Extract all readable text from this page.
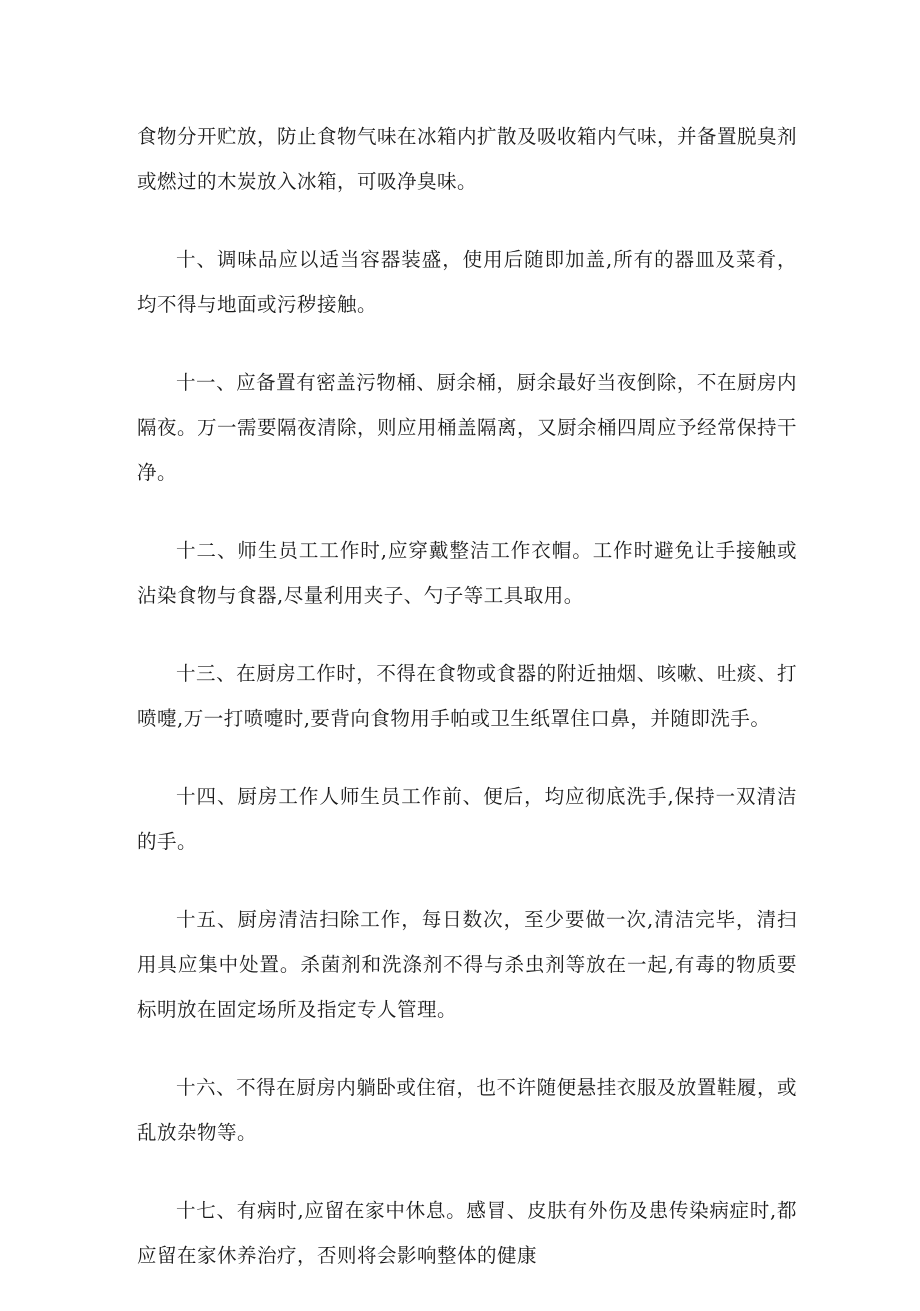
食物分开贮放，防止食物气味在冰箱内扩散及吸收箱内气味，并备置脱臭剂或燃过的木炭放入冰箱，可吸净臭味。

十、调味品应以适当容器装盛，使用后随即加盖,所有的器皿及菜肴，均不得与地面或污秽接触。

十一、应备置有密盖污物桶、厨余桶，厨余最好当夜倒除，不在厨房内隔夜。万一需要隔夜清除，则应用桶盖隔离，又厨余桶四周应予经常保持干净。

十二、师生员工工作时,应穿戴整洁工作衣帽。工作时避免让手接触或沾染食物与食器,尽量利用夹子、勺子等工具取用。

十三、在厨房工作时，不得在食物或食器的附近抽烟、咳嗽、吐痰、打喷嚏,万一打喷嚏时,要背向食物用手帕或卫生纸罩住口鼻，并随即洗手。

十四、厨房工作人师生员工作前、便后，均应彻底洗手,保持一双清洁的手。

十五、厨房清洁扫除工作，每日数次，至少要做一次,清洁完毕，清扫用具应集中处置。杀菌剂和洗涤剂不得与杀虫剂等放在一起,有毒的物质要标明放在固定场所及指定专人管理。

十六、不得在厨房内躺卧或住宿，也不许随便悬挂衣服及放置鞋履，或乱放杂物等。

十七、有病时,应留在家中休息。感冒、皮肤有外伤及患传染病症时,都应留在家休养治疗，否则将会影响整体的健康
